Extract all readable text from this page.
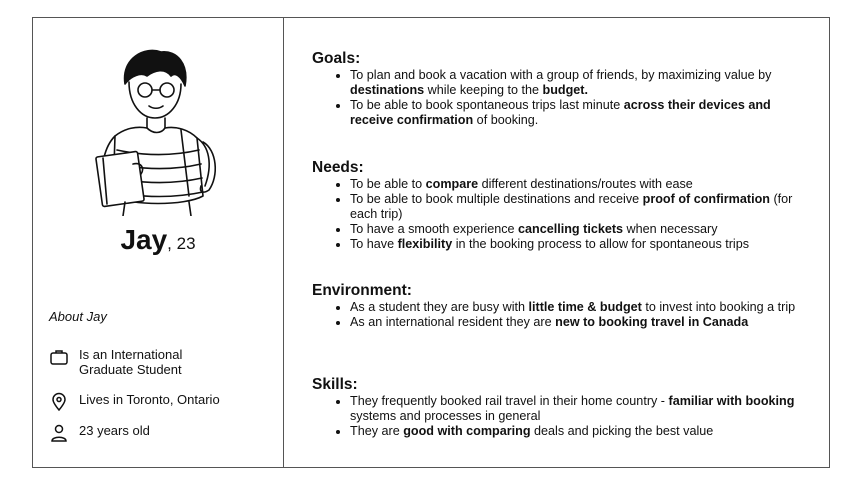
Jay, 23
About Jay
Is an International Graduate Student
Lives in Toronto, Ontario
23 years old
Goals:
• To plan and book a vacation with a group of friends, by maximizing value by destinations while keeping to the budget.
• To be able to book spontaneous trips last minute across their devices and receive confirmation of booking.
Needs:
• To be able to compare different destinations/routes with ease
• To be able to book multiple destinations and receive proof of confirmation (for each trip)
• To have a smooth experience cancelling tickets when necessary
• To have flexibility in the booking process to allow for spontaneous trips
Environment:
• As a student they are busy with little time & budget to invest into booking a trip
• As an international resident they are new to booking travel in Canada
Skills:
• They frequently booked rail travel in their home country - familiar with booking systems and processes in general
• They are good with comparing deals and picking the best value
